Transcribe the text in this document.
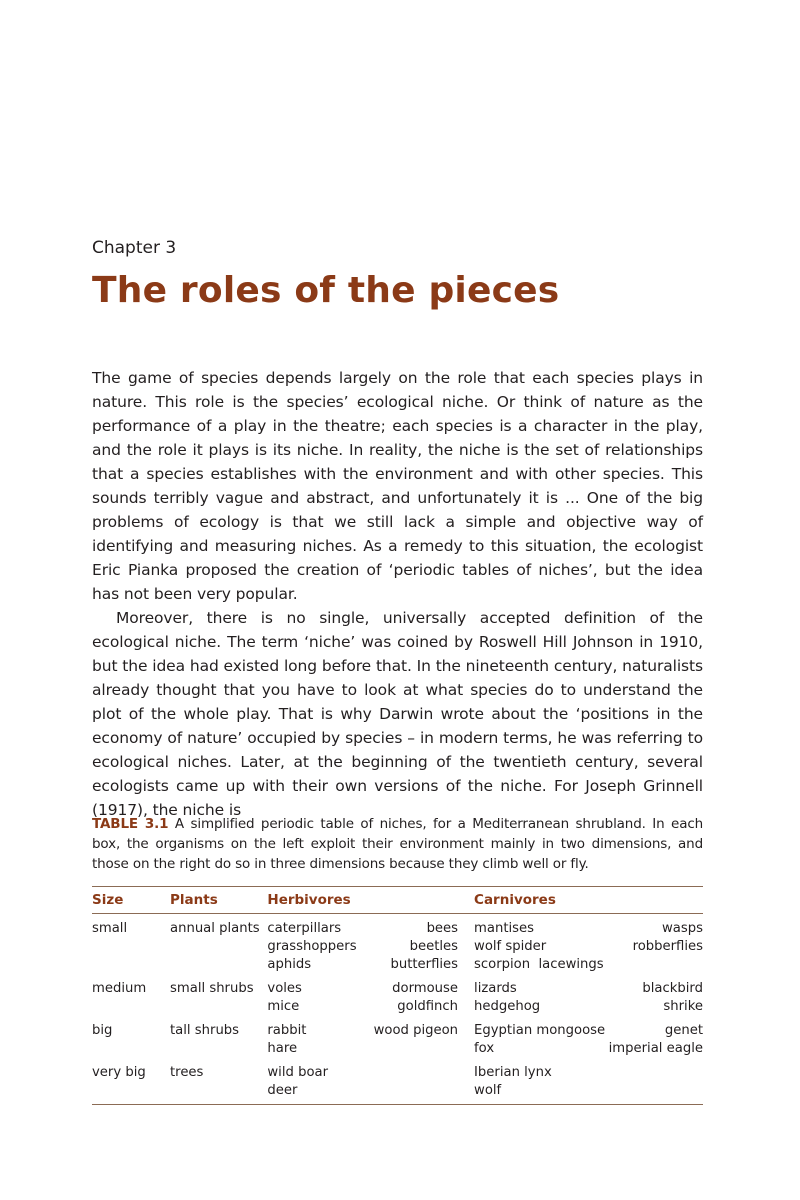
Chapter 3
The roles of the pieces

The game of species depends largely on the role that each species plays in nature. This role is the species’ ecological niche. Or think of nature as the performance of a play in the theatre; each species is a character in the play, and the role it plays is its niche. In reality, the niche is the set of relationships that a species establishes with the environment and with other species. This sounds terribly vague and abstract, and unfortunately it is ... One of the big problems of ecology is that we still lack a simple and objective way of identifying and measuring niches. As a remedy to this situation, the ecologist Eric Pianka proposed the creation of ‘periodic tables of niches’, but the idea has not been very popular.

Moreover, there is no single, universally accepted definition of the ecological niche. The term ‘niche’ was coined by Roswell Hill Johnson in 1910, but the idea had existed long before that. In the nineteenth century, naturalists already thought that you have to look at what species do to understand the plot of the whole play. That is why Darwin wrote about the ‘positions in the economy of nature’ occupied by species – in modern terms, he was referring to ecological niches. Later, at the beginning of the twentieth century, several ecologists came up with their own versions of the niche. For Joseph Grinnell (1917), the niche is

TABLE 3.1 A simplified periodic table of niches, for a Mediterranean shrubland. In each box, the organisms on the left exploit their environment mainly in two dimensions, and those on the right do so in three dimensions because they climb well or fly.
Size	Plants	Herbivores		Carnivores	
small	annual plants	caterpillars	bees	mantises	wasps
		grasshoppers	beetles	wolf spider	robberflies
		aphids	butterflies	scorpion lacewings	
medium	small shrubs	voles	dormouse	lizards	blackbird
		mice	goldfinch	hedgehog	shrike
big	tall shrubs	rabbit	wood pigeon	Egyptian mongoose	genet
		hare		fox	imperial eagle
very big	trees	wild boar		Iberian lynx	
		deer		wolf	
